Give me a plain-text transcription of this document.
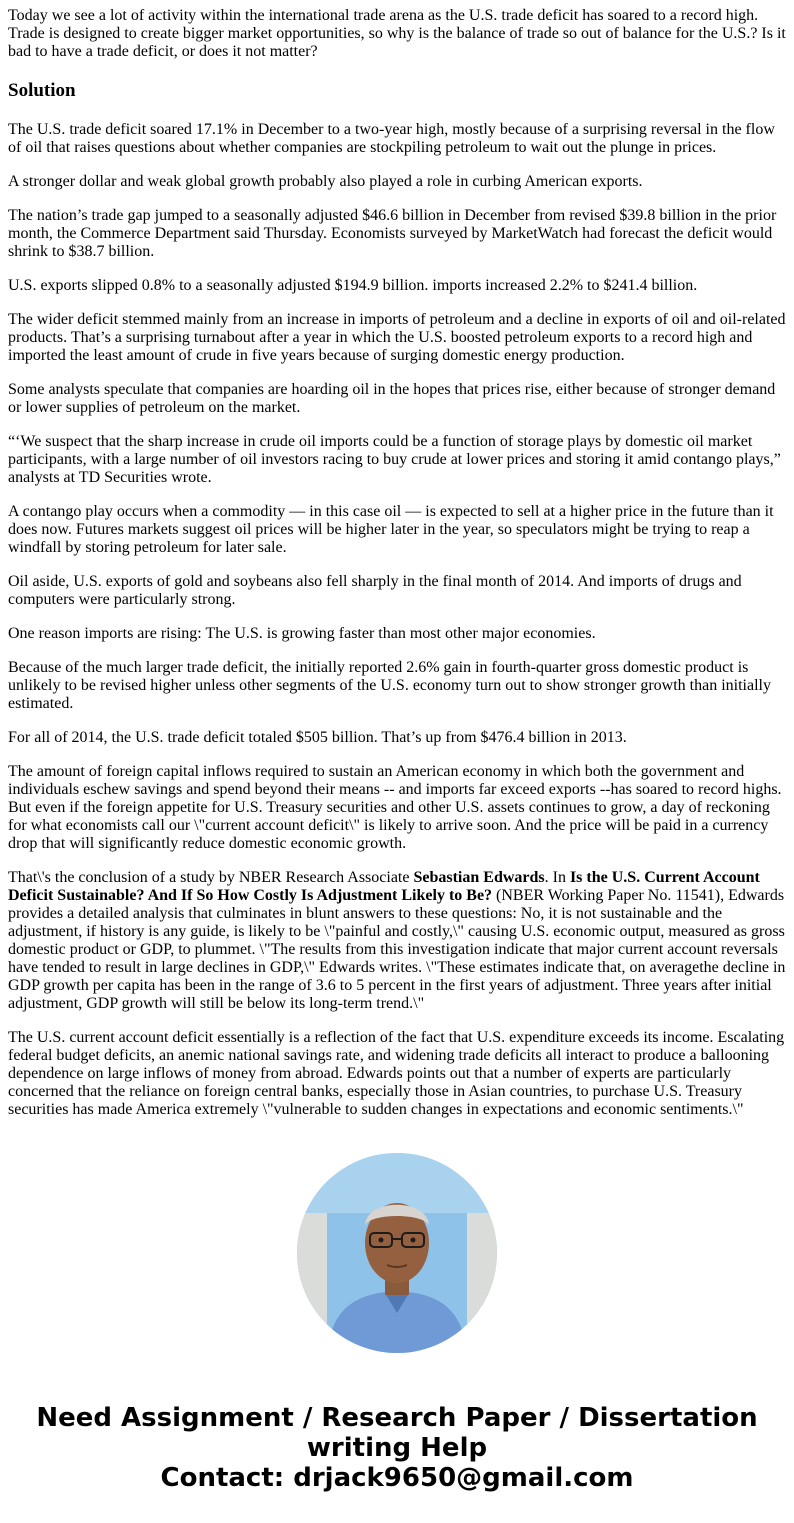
Today we see a lot of activity within the international trade arena as the U.S. trade deficit has soared to a record high. Trade is designed to create bigger market opportunities, so why is the balance of trade so out of balance for the U.S.? Is it bad to have a trade deficit, or does it not matter?

Solution

The U.S. trade deficit soared 17.1% in December to a two-year high, mostly because of a surprising reversal in the flow of oil that raises questions about whether companies are stockpiling petroleum to wait out the plunge in prices.

A stronger dollar and weak global growth probably also played a role in curbing American exports.

The nation’s trade gap jumped to a seasonally adjusted $46.6 billion in December from revised $39.8 billion in the prior month, the Commerce Department said Thursday. Economists surveyed by MarketWatch had forecast the deficit would shrink to $38.7 billion.

U.S. exports slipped 0.8% to a seasonally adjusted $194.9 billion. imports increased 2.2% to $241.4 billion.

The wider deficit stemmed mainly from an increase in imports of petroleum and a decline in exports of oil and oil-related products. That’s a surprising turnabout after a year in which the U.S. boosted petroleum exports to a record high and imported the least amount of crude in five years because of surging domestic energy production.

Some analysts speculate that companies are hoarding oil in the hopes that prices rise, either because of stronger demand or lower supplies of petroleum on the market.

“‘We suspect that the sharp increase in crude oil imports could be a function of storage plays by domestic oil market participants, with a large number of oil investors racing to buy crude at lower prices and storing it amid contango plays,” analysts at TD Securities wrote.

A contango play occurs when a commodity — in this case oil — is expected to sell at a higher price in the future than it does now. Futures markets suggest oil prices will be higher later in the year, so speculators might be trying to reap a windfall by storing petroleum for later sale.

Oil aside, U.S. exports of gold and soybeans also fell sharply in the final month of 2014. And imports of drugs and computers were particularly strong.

One reason imports are rising: The U.S. is growing faster than most other major economies.

Because of the much larger trade deficit, the initially reported 2.6% gain in fourth-quarter gross domestic product is unlikely to be revised higher unless other segments of the U.S. economy turn out to show stronger growth than initially estimated.

For all of 2014, the U.S. trade deficit totaled $505 billion. That’s up from $476.4 billion in 2013.

The amount of foreign capital inflows required to sustain an American economy in which both the government and individuals eschew savings and spend beyond their means -- and imports far exceed exports --has soared to record highs. But even if the foreign appetite for U.S. Treasury securities and other U.S. assets continues to grow, a day of reckoning for what economists call our \"current account deficit\" is likely to arrive soon. And the price will be paid in a currency drop that will significantly reduce domestic economic growth.

That\'s the conclusion of a study by NBER Research Associate Sebastian Edwards. In Is the U.S. Current Account Deficit Sustainable? And If So How Costly Is Adjustment Likely to Be? (NBER Working Paper No. 11541), Edwards provides a detailed analysis that culminates in blunt answers to these questions: No, it is not sustainable and the adjustment, if history is any guide, is likely to be \"painful and costly,\" causing U.S. economic output, measured as gross domestic product or GDP, to plummet. \"The results from this investigation indicate that major current account reversals have tended to result in large declines in GDP,\" Edwards writes. \"These estimates indicate that, on averagethe decline in GDP growth per capita has been in the range of 3.6 to 5 percent in the first years of adjustment. Three years after initial adjustment, GDP growth will still be below its long-term trend.\"

The U.S. current account deficit essentially is a reflection of the fact that U.S. expenditure exceeds its income. Escalating federal budget deficits, an anemic national savings rate, and widening trade deficits all interact to produce a ballooning dependence on large inflows of money from abroad. Edwards points out that a number of experts are particularly concerned that the reliance on foreign central banks, especially those in Asian countries, to purchase U.S. Treasury securities has made America extremely \"vulnerable to sudden changes in expectations and economic sentiments.\"

Need Assignment / Research Paper / Dissertation
writing Help
Contact: drjack9650@gmail.com
